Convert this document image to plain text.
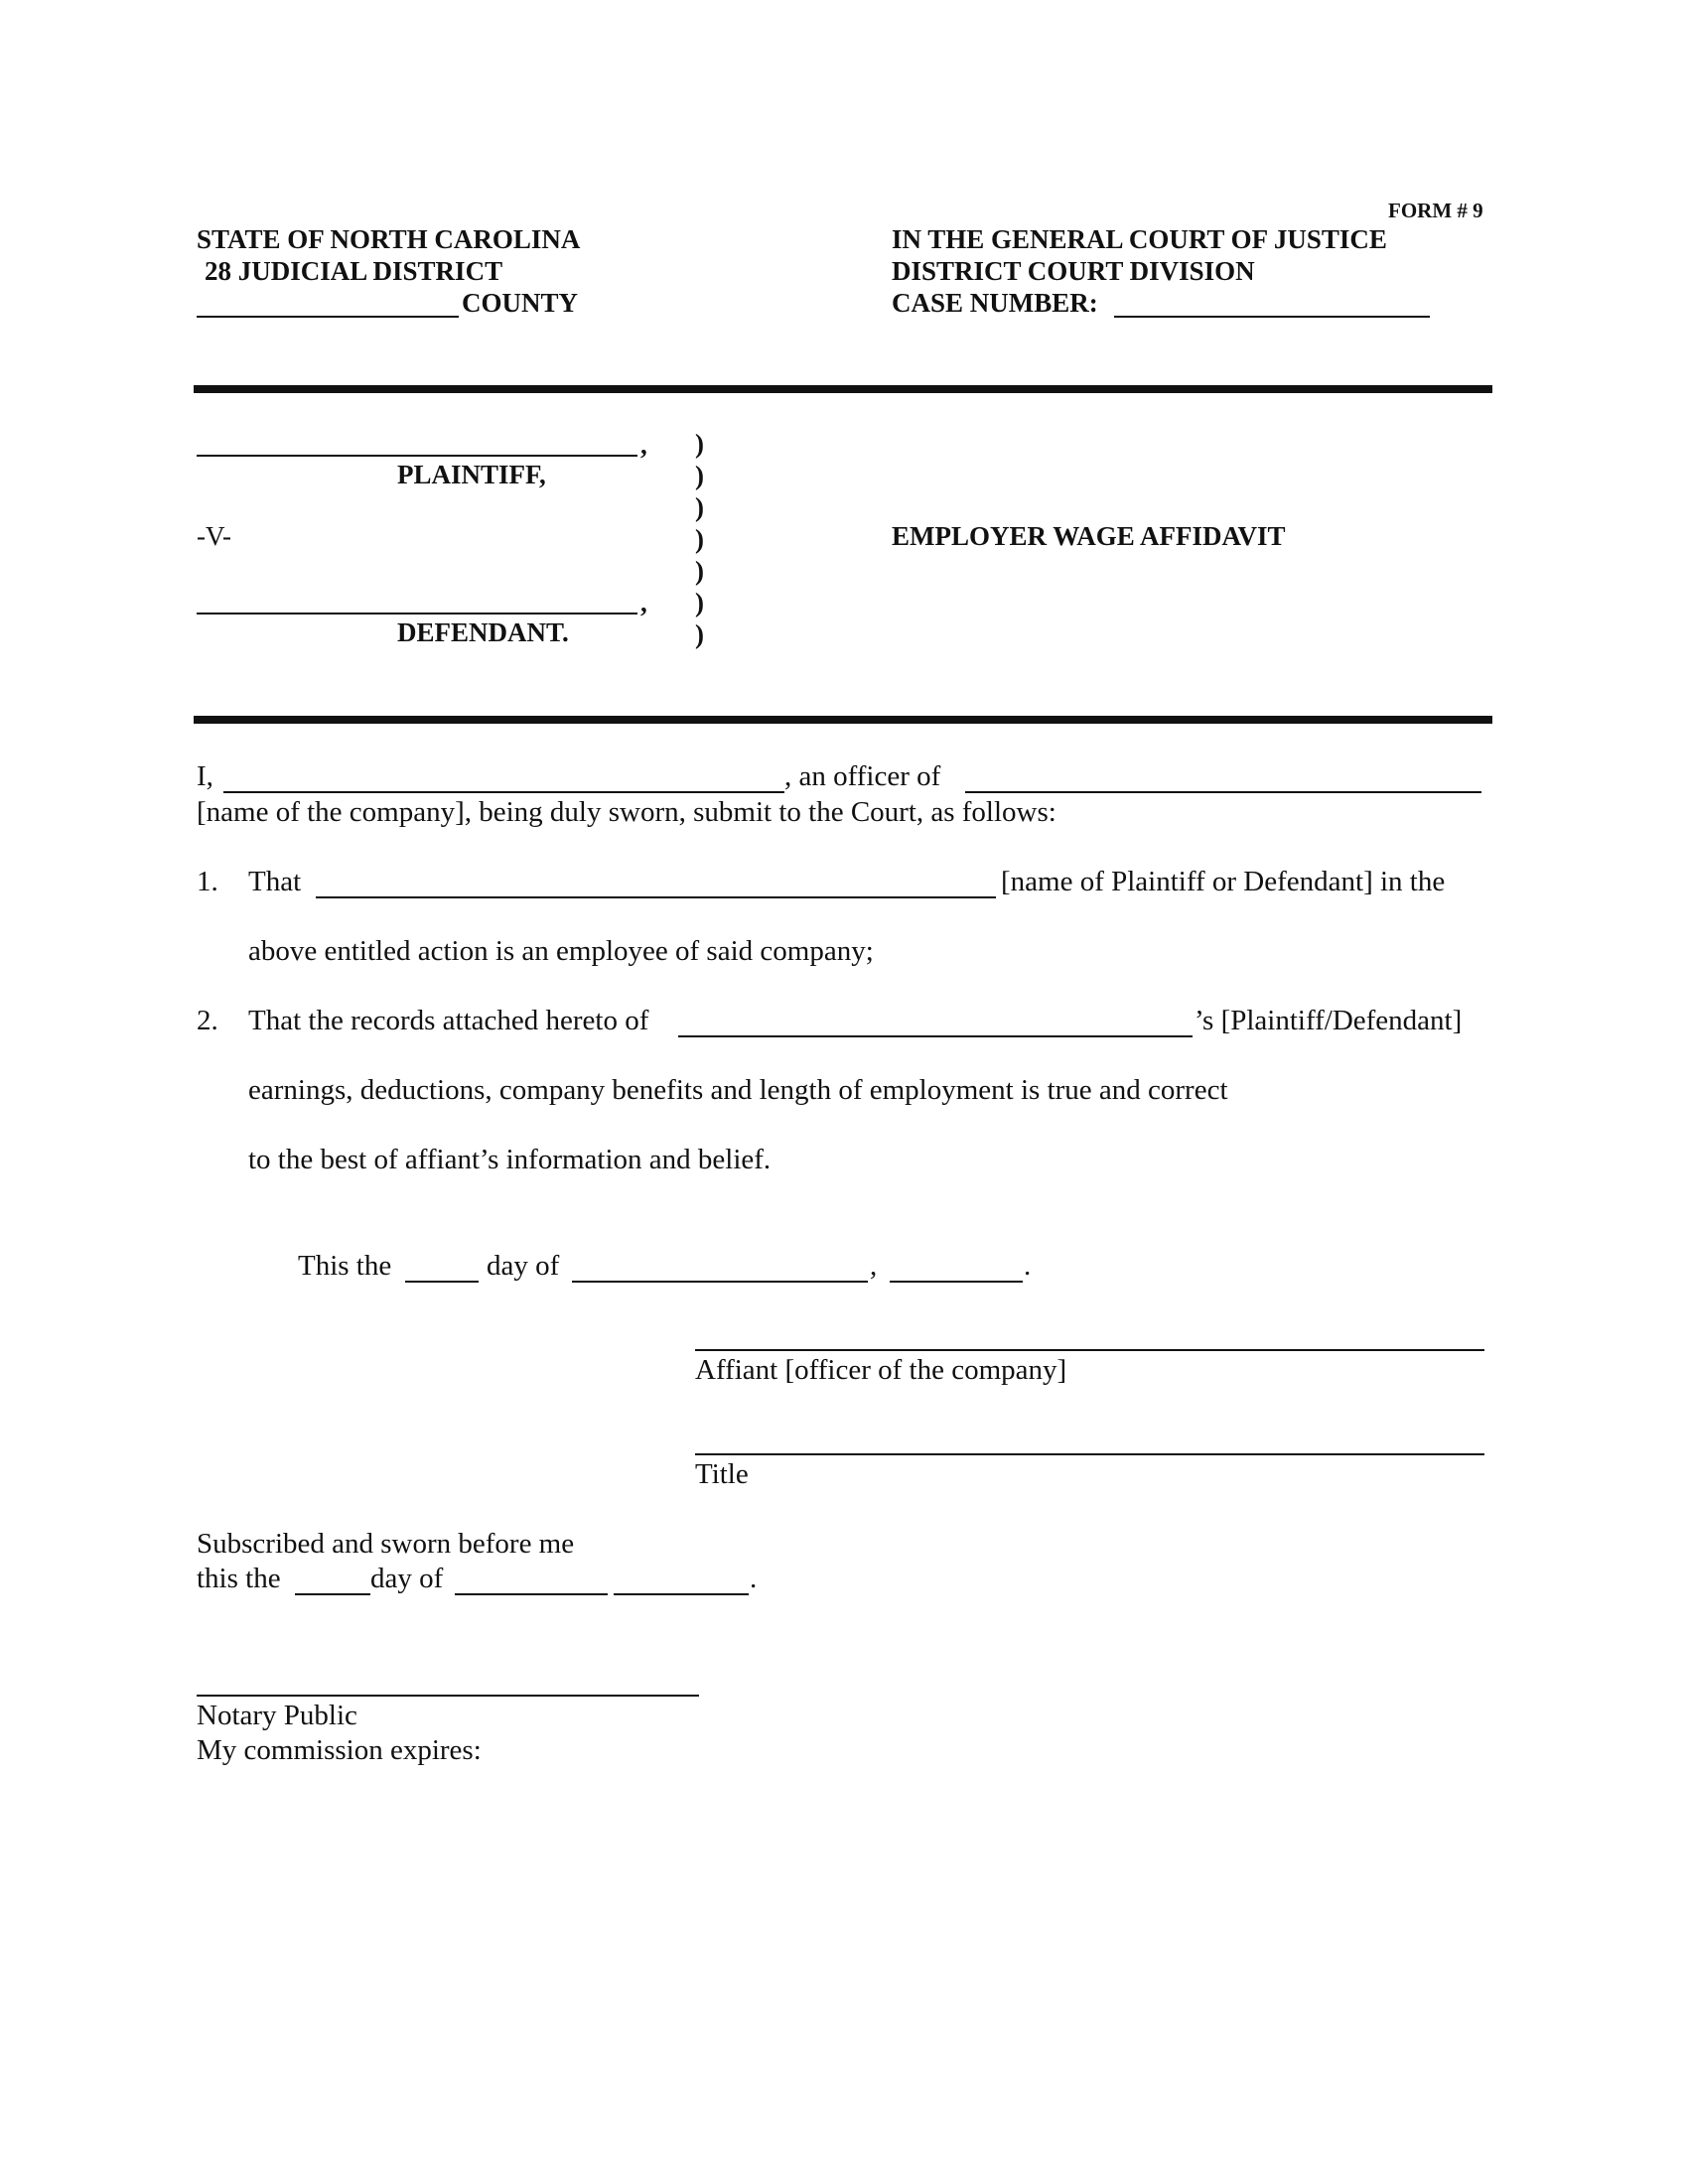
FORM # 9
STATE OF NORTH CAROLINA
28 JUDICIAL DISTRICT
COUNTY
IN THE GENERAL COURT OF JUSTICE
DISTRICT COURT DIVISION
CASE NUMBER:
,
PLAINTIFF,
-V-
,
DEFENDANT.
)
)
)
)
)
)
)
EMPLOYER WAGE AFFIDAVIT
I,	, an officer of
[name of the company], being duly sworn, submit to the Court, as follows:
1. That	[name of Plaintiff or Defendant] in the
above entitled action is an employee of said company;
2. That the records attached hereto of	’s [Plaintiff/Defendant]
earnings, deductions, company benefits and length of employment is true and correct
to the best of affiant’s information and belief.
This the	day of	,	.
Affiant [officer of the company]
Title
Subscribed and sworn before me
this the	day of	.
Notary Public
My commission expires:
